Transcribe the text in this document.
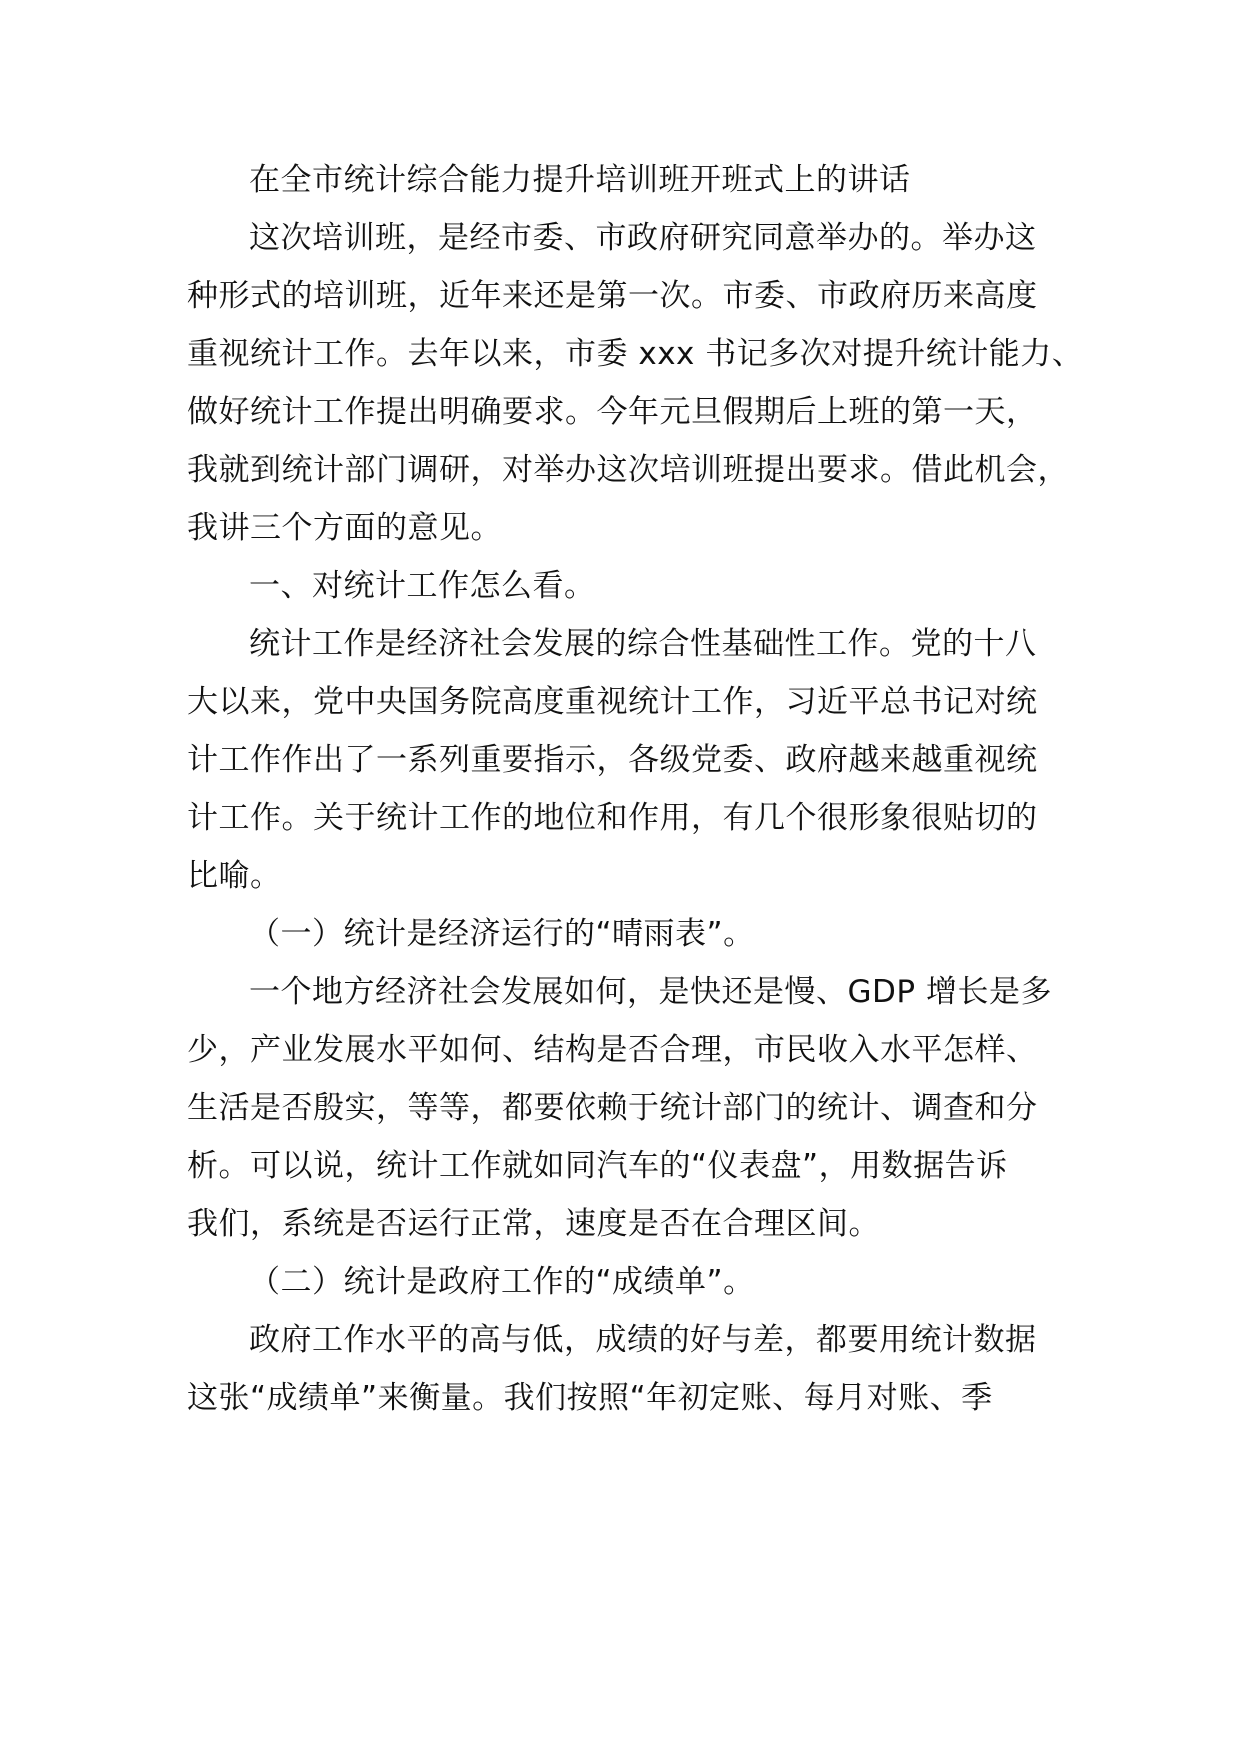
在全市统计综合能力提升培训班开班式上的讲话
这次培训班，是经市委、市政府研究同意举办的。举办这
种形式的培训班，近年来还是第一次。市委、市政府历来高度
重视统计工作。去年以来，市委 xxx 书记多次对提升统计能力、
做好统计工作提出明确要求。今年元旦假期后上班的第一天，
我就到统计部门调研，对举办这次培训班提出要求。借此机会，
我讲三个方面的意见。
一、对统计工作怎么看。
统计工作是经济社会发展的综合性基础性工作。党的十八
大以来，党中央国务院高度重视统计工作，习近平总书记对统
计工作作出了一系列重要指示，各级党委、政府越来越重视统
计工作。关于统计工作的地位和作用，有几个很形象很贴切的
比喻。
（一）统计是经济运行的“晴雨表”。
一个地方经济社会发展如何，是快还是慢、GDP 增长是多
少，产业发展水平如何、结构是否合理，市民收入水平怎样、
生活是否殷实，等等，都要依赖于统计部门的统计、调查和分
析。可以说，统计工作就如同汽车的“仪表盘”，用数据告诉
我们，系统是否运行正常，速度是否在合理区间。
（二）统计是政府工作的“成绩单”。
政府工作水平的高与低，成绩的好与差，都要用统计数据
这张“成绩单”来衡量。我们按照“年初定账、每月对账、季
